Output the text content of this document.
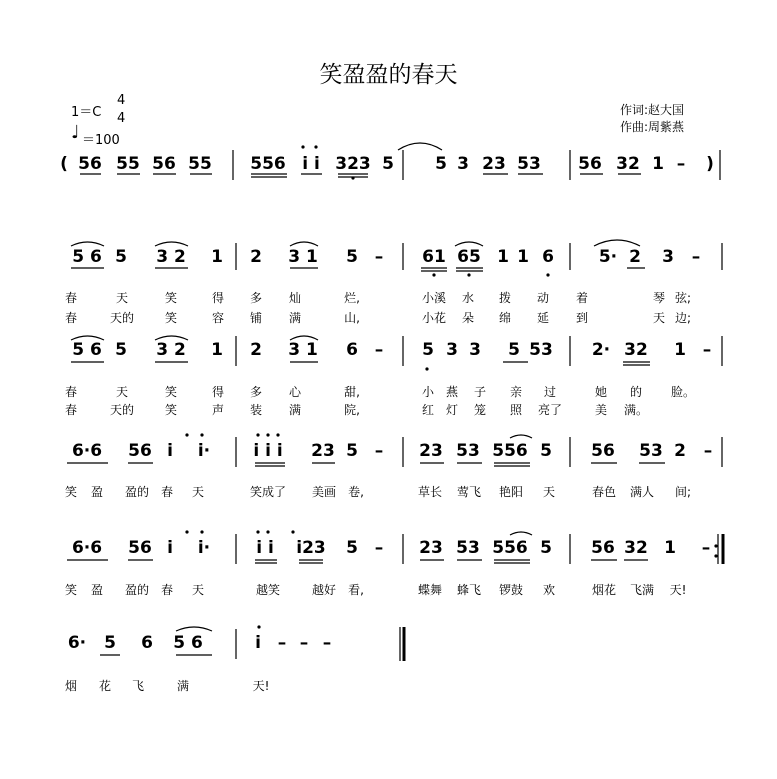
笑盈盈的春天
1＝C
4
4
♩ ＝100
作词:赵大国
作曲:周紫燕
( 56 55 56 55 556 i i 323 5 5 3 23 53 56 32 1 – )
5 6 5 3 2 1 2 3 1 5 – 61 65 1 1 6	5· 2 3 –
春	天	笑	得 多 灿	烂,	小溪 水 拨 动 着	琴 弦;
春	天的	笑	容 铺 满	山,	小花 朵 绵 延 到	天 边;
5 6 5 3 2 1 2 3 1 6 – 5 3 3 5 53 2· 32 1 –
春	天	笑	得 多 心	甜,	小 燕 子 亲 过	她 的 脸。
春	天的	笑	声 装 满	院,	红 灯 笼 照 亮了	美 满。
6·6 56 i i·	i i i 23 5 – 23 53 556 5 56 53 2 –
笑 盈 盈的 春 天	笑成了 美画 卷,	草长 莺飞 艳阳 天	春色 满人 间;
6·6 56 i i·	i i i23 5 – 23 53 556 5 56 32 1 –
笑 盈 盈的 春 天	越笑	越好 看,	蝶舞 蜂飞 锣鼓 欢	烟花 飞满 天!
6· 5 6 5 6	i – – –
烟 花 飞	满	天!
